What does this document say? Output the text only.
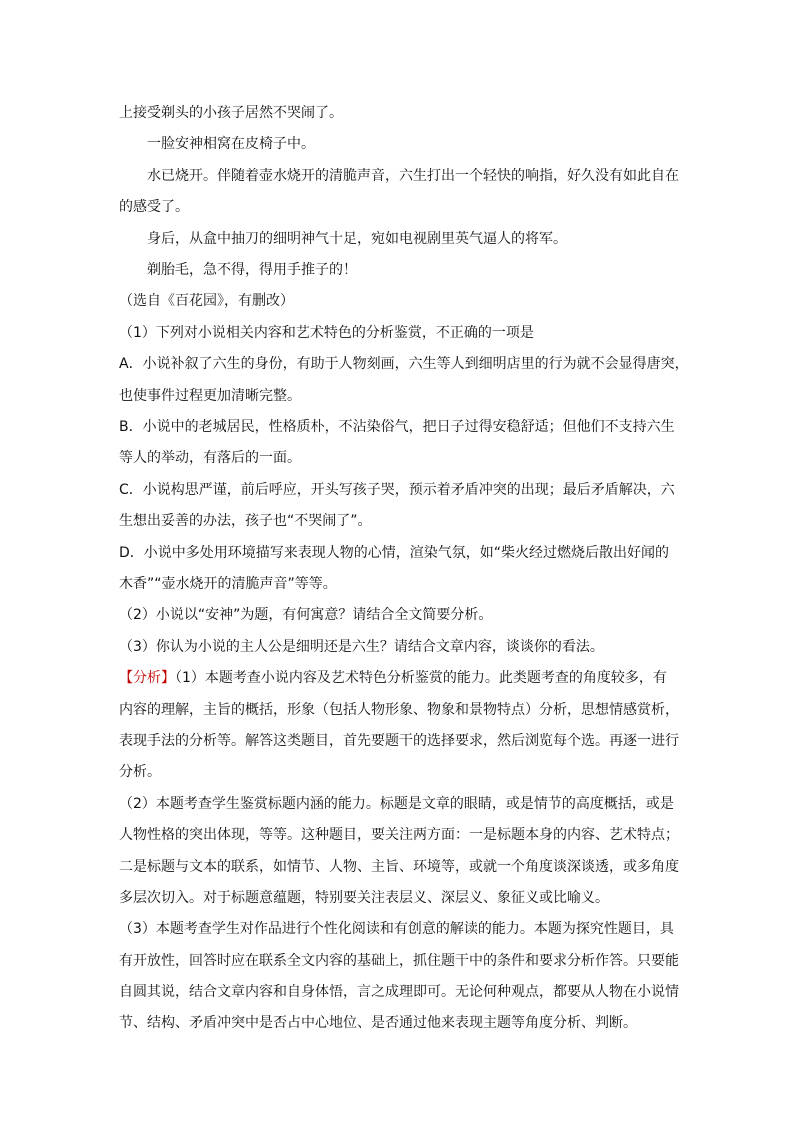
上接受剃头的小孩子居然不哭闹了。
一脸安神相窝在皮椅子中。
水已烧开。伴随着壶水烧开的清脆声音，六生打出一个轻快的响指，好久没有如此自在
的感受了。
身后，从盒中抽刀的细明神气十足，宛如电视剧里英气逼人的将军。
剃胎毛，急不得，得用手推子的！
（选自《百花园》，有删改）
（1）下列对小说相关内容和艺术特色的分析鉴赏，不正确的一项是
A．小说补叙了六生的身份，有助于人物刻画，六生等人到细明店里的行为就不会显得唐突，
也使事件过程更加清晰完整。
B．小说中的老城居民，性格质朴，不沾染俗气，把日子过得安稳舒适；但他们不支持六生
等人的举动，有落后的一面。
C．小说构思严谨，前后呼应，开头写孩子哭，预示着矛盾冲突的出现；最后矛盾解决，六
生想出妥善的办法，孩子也“不哭闹了”。
D．小说中多处用环境描写来表现人物的心情，渲染气氛，如“柴火经过燃烧后散出好闻的
木香”“壶水烧开的清脆声音”等等。
（2）小说以“安神”为题，有何寓意？请结合全文简要分析。
（3）你认为小说的主人公是细明还是六生？请结合文章内容，谈谈你的看法。
【分析】（1）本题考查小说内容及艺术特色分析鉴赏的能力。此类题考查的角度较多，有
内容的理解，主旨的概括，形象（包括人物形象、物象和景物特点）分析，思想情感赏析，
表现手法的分析等。解答这类题目，首先要题干的选择要求，然后浏览每个选。再逐一进行
分析。
（2）本题考查学生鉴赏标题内涵的能力。标题是文章的眼睛，或是情节的高度概括，或是
人物性格的突出体现，等等。这种题目，要关注两方面：一是标题本身的内容、艺术特点；
二是标题与文本的联系，如情节、人物、主旨、环境等，或就一个角度谈深谈透，或多角度
多层次切入。对于标题意蕴题，特别要关注表层义、深层义、象征义或比喻义。
（3）本题考查学生对作品进行个性化阅读和有创意的解读的能力。本题为探究性题目，具
有开放性，回答时应在联系全文内容的基础上，抓住题干中的条件和要求分析作答。只要能
自圆其说，结合文章内容和自身体悟，言之成理即可。无论何种观点，都要从人物在小说情
节、结构、矛盾冲突中是否占中心地位、是否通过他来表现主题等角度分析、判断。
